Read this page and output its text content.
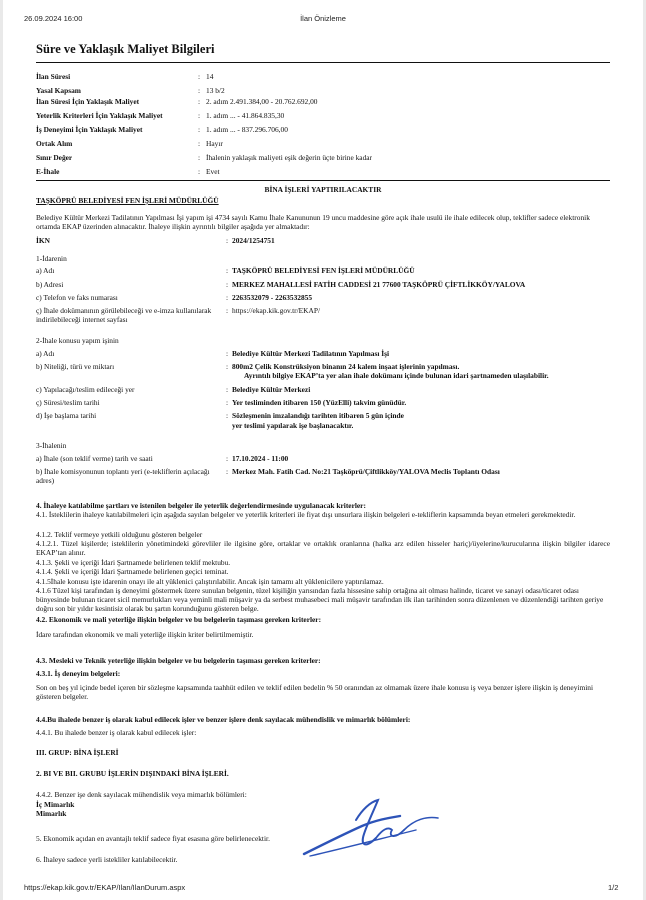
26.09.2024 16:00	İlan Önizleme
Süre ve Yaklaşık Maliyet Bilgileri
İlan Süresi	: 14
Yasal Kapsam	: 13 b/2
İlan Süresi İçin Yaklaşık Maliyet	: 2. adım 2.491.384,00 - 20.762.692,00
Yeterlik Kriterleri İçin Yaklaşık Maliyet	: 1. adım ... - 41.864.835,30
İş Deneyimi İçin Yaklaşık Maliyet	: 1. adım ... - 837.296.706,00
Ortak Alım	: Hayır
Sınır Değer	: İhalenin yaklaşık maliyeti eşik değerin üçte birine kadar
E-İhale	: Evet
BİNA İŞLERİ YAPTIRILACAKTIR
TAŞKÖPRÜ BELEDİYESİ FEN İŞLERİ MÜDÜRLÜĞÜ
Belediye Kültür Merkezi Tadilatının Yapılması İşi yapım işi 4734 sayılı Kamu İhale Kanununun 19 uncu maddesine göre açık ihale usulü ile ihale edilecek olup, teklifler sadece elektronik ortamda EKAP üzerinden alınacaktır. İhaleye ilişkin ayrıntılı bilgiler aşağıda yer almaktadır:
İKN	: 2024/1254751
1-İdarenin
a) Adı	: TAŞKÖPRÜ BELEDİYESİ FEN İŞLERİ MÜDÜRLÜĞÜ
b) Adresi	: MERKEZ MAHALLESİ FATİH CADDESİ 21 77600 TAŞKÖPRÜ ÇİFTLİKKÖY/YALOVA
c) Telefon ve faks numarası	: 2263532079 - 2263532855
ç) İhale dokümanının görülebileceği ve e-imza kullanılarak indirilebileceği internet sayfası
: https://ekap.kik.gov.tr/EKAP/
2-İhale konusu yapım işinin
a) Adı	: Belediye Kültür Merkezi Tadilatının Yapılması İşi
b) Niteliği, türü ve miktarı	: 800m2 Çelik Konstrüksiyon binanın 24 kalem inşaat işlerinin yapılması.
Ayrıntılı bilgiye EKAP’ta yer alan ihale dokümanı içinde bulunan idari şartnameden ulaşılabilir.
c) Yapılacağı/teslim edileceği yer	: Belediye Kültür Merkezi
ç) Süresi/teslim tarihi	: Yer tesliminden itibaren 150 (YüzElli) takvim günüdür.
d) İşe başlama tarihi	: Sözleşmenin imzalandığı tarihten itibaren 5 gün içinde
yer teslimi yapılarak işe başlanacaktır.
3-İhalenin
a) İhale (son teklif verme) tarih ve saati	: 17.10.2024 - 11:00
b) İhale komisyonunun toplantı yeri (e-tekliflerin açılacağı adres)
: Merkez Mah. Fatih Cad. No:21 Taşköprü/Çiftlikköy/YALOVA Meclis Toplantı Odası
4. İhaleye katılabilme şartları ve istenilen belgeler ile yeterlik değerlendirmesinde uygulanacak kriterler:
4.1. İsteklilerin ihaleye katılabilmeleri için aşağıda sayılan belgeler ve yeterlik kriterleri ile fiyat dışı unsurlara ilişkin belgeleri e-tekliflerin kapsamında beyan etmeleri gerekmektedir.
4.1.2. Teklif vermeye yetkili olduğunu gösteren belgeler
4.1.2.1. Tüzel kişilerde; isteklilerin yönetimindeki görevliler ile ilgisine göre, ortaklar ve ortaklık oranlarına (halka arz edilen hisseler hariç)/üyelerine/kurucularına ilişkin bilgiler idarece EKAP’tan alınır.
4.1.3. Şekli ve içeriği İdari Şartnamede belirlenen teklif mektubu.
4.1.4. Şekli ve içeriği İdari Şartnamede belirlenen geçici teminat.
4.1.5İhale konusu işte idarenin onayı ile alt yüklenici çalıştırılabilir. Ancak işin tamamı alt yüklenicilere yaptırılamaz.
4.1.6 Tüzel kişi tarafından iş deneyimi göstermek üzere sunulan belgenin, tüzel kişiliğin yarısından fazla hissesine sahip ortağına ait olması halinde, ticaret ve sanayi odası/ticaret odası bünyesinde bulunan ticaret sicil memurlukları veya yeminli mali müşavir ya da serbest muhasebeci mali müşavir tarafından ilk ilan tarihinden sonra düzenlenen ve düzenlendiği tarihten geriye doğru son bir yıldır kesintisiz olarak bu şartın korunduğunu gösteren belge.
4.2. Ekonomik ve mali yeterliğe ilişkin belgeler ve bu belgelerin taşıması gereken kriterler:
İdare tarafından ekonomik ve mali yeterliğe ilişkin kriter belirtilmemiştir.
4.3. Mesleki ve Teknik yeterliğe ilişkin belgeler ve bu belgelerin taşıması gereken kriterler:
4.3.1. İş deneyim belgeleri:
Son on beş yıl içinde bedel içeren bir sözleşme kapsamında taahhüt edilen ve teklif edilen bedelin % 50 oranından az olmamak üzere ihale konusu iş veya benzer işlere ilişkin iş deneyimini gösteren belgeler.
4.4.Bu ihalede benzer iş olarak kabul edilecek işler ve benzer işlere denk sayılacak mühendislik ve mimarlık bölümleri:
4.4.1. Bu ihalede benzer iş olarak kabul edilecek işler:
III. GRUP: BİNA İŞLERİ
2. BI VE BII. GRUBU İŞLERİN DIŞINDAKİ BİNA İŞLERİ.
4.4.2. Benzer işe denk sayılacak mühendislik veya mimarlık bölümleri:
İç Mimarlık
Mimarlık
5. Ekonomik açıdan en avantajlı teklif sadece fiyat esasına göre belirlenecektir.
6. İhaleye sadece yerli istekliler katılabilecektir.
https://ekap.kik.gov.tr/EKAP/Ilan/IlanDurum.aspx	1/2
